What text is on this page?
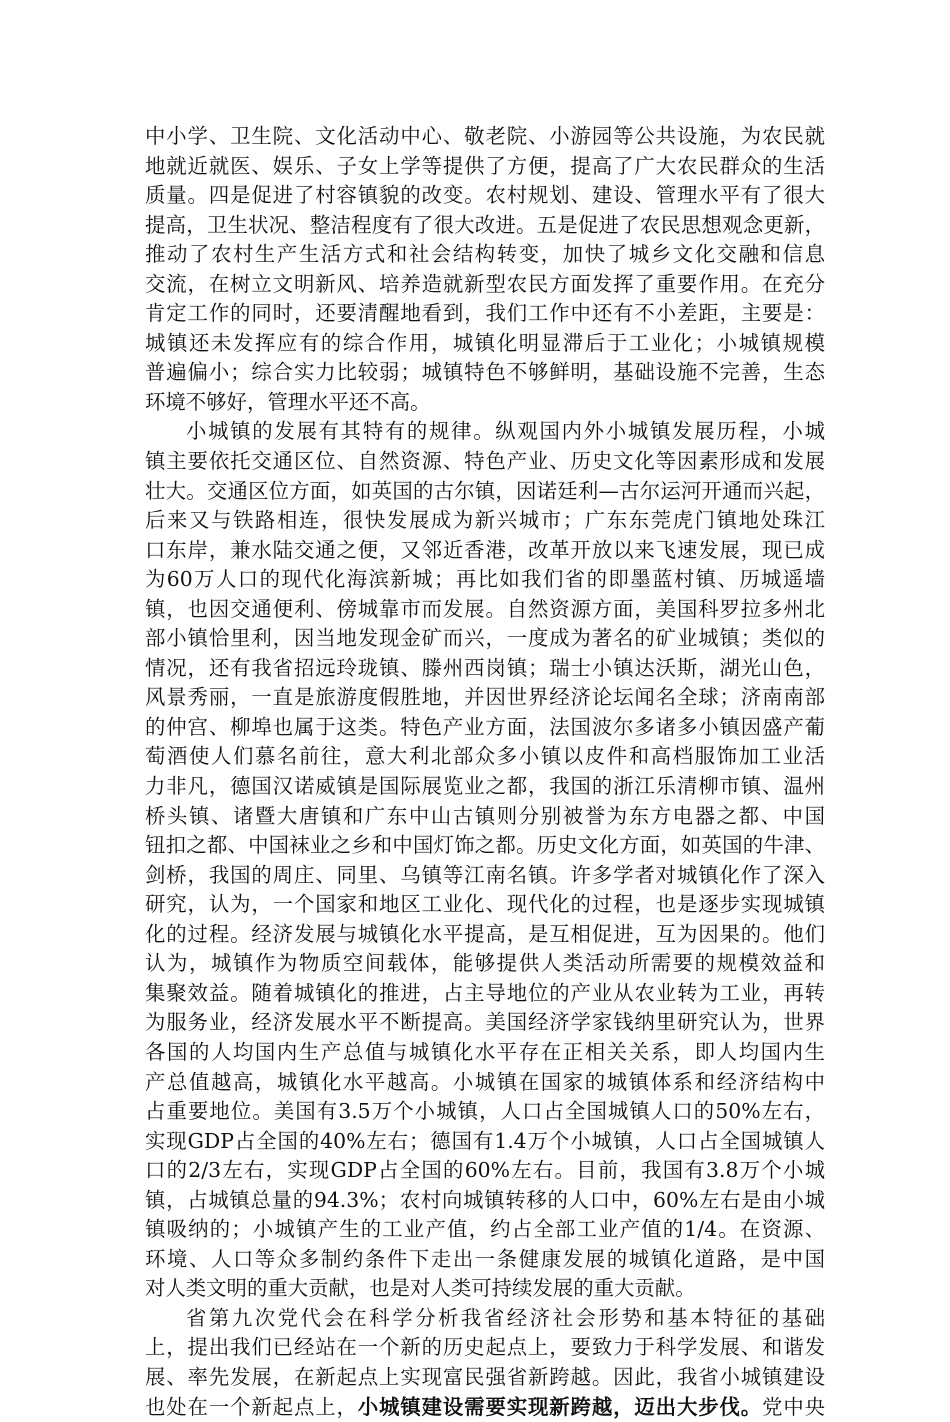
中小学、卫生院、文化活动中心、敬老院、小游园等公共设施，为农民就
地就近就医、娱乐、子女上学等提供了方便，提高了广大农民群众的生活
质量。四是促进了村容镇貌的改变。农村规划、建设、管理水平有了很大
提高，卫生状况、整洁程度有了很大改进。五是促进了农民思想观念更新，
推动了农村生产生活方式和社会结构转变，加快了城乡文化交融和信息
交流，在树立文明新风、培养造就新型农民方面发挥了重要作用。在充分
肯定工作的同时，还要清醒地看到，我们工作中还有不小差距，主要是：
城镇还未发挥应有的综合作用，城镇化明显滞后于工业化；小城镇规模
普遍偏小；综合实力比较弱；城镇特色不够鲜明，基础设施不完善，生态
环境不够好，管理水平还不高。
小城镇的发展有其特有的规律。纵观国内外小城镇发展历程，小城
镇主要依托交通区位、自然资源、特色产业、历史文化等因素形成和发展
壮大。交通区位方面，如英国的古尔镇，因诺廷利—古尔运河开通而兴起，
后来又与铁路相连，很快发展成为新兴城市；广东东莞虎门镇地处珠江
口东岸，兼水陆交通之便，又邻近香港，改革开放以来飞速发展，现已成
为60万人口的现代化海滨新城；再比如我们省的即墨蓝村镇、历城遥墙
镇，也因交通便利、傍城靠市而发展。自然资源方面，美国科罗拉多州北
部小镇恰里利，因当地发现金矿而兴，一度成为著名的矿业城镇；类似的
情况，还有我省招远玲珑镇、滕州西岗镇；瑞士小镇达沃斯，湖光山色，
风景秀丽，一直是旅游度假胜地，并因世界经济论坛闻名全球；济南南部
的仲宫、柳埠也属于这类。特色产业方面，法国波尔多诸多小镇因盛产葡
萄酒使人们慕名前往，意大利北部众多小镇以皮件和高档服饰加工业活
力非凡，德国汉诺威镇是国际展览业之都，我国的浙江乐清柳市镇、温州
桥头镇、诸暨大唐镇和广东中山古镇则分别被誉为东方电器之都、中国
钮扣之都、中国袜业之乡和中国灯饰之都。历史文化方面，如英国的牛津、
剑桥，我国的周庄、同里、乌镇等江南名镇。许多学者对城镇化作了深入
研究，认为，一个国家和地区工业化、现代化的过程，也是逐步实现城镇
化的过程。经济发展与城镇化水平提高，是互相促进，互为因果的。他们
认为，城镇作为物质空间载体，能够提供人类活动所需要的规模效益和
集聚效益。随着城镇化的推进，占主导地位的产业从农业转为工业，再转
为服务业，经济发展水平不断提高。美国经济学家钱纳里研究认为，世界
各国的人均国内生产总值与城镇化水平存在正相关关系，即人均国内生
产总值越高，城镇化水平越高。小城镇在国家的城镇体系和经济结构中
占重要地位。美国有3.5万个小城镇，人口占全国城镇人口的50%左右，
实现GDP占全国的40%左右；德国有1.4万个小城镇，人口占全国城镇人
口的2/3左右，实现GDP占全国的60%左右。目前，我国有3.8万个小城
镇，占城镇总量的94.3%；农村向城镇转移的人口中，60%左右是由小城
镇吸纳的；小城镇产生的工业产值，约占全部工业产值的1/4。在资源、
环境、人口等众多制约条件下走出一条健康发展的城镇化道路，是中国
对人类文明的重大贡献，也是对人类可持续发展的重大贡献。
省第九次党代会在科学分析我省经济社会形势和基本特征的基础
上，提出我们已经站在一个新的历史起点上，要致力于科学发展、和谐发
展、率先发展，在新起点上实现富民强省新跨越。因此，我省小城镇建设
也处在一个新起点上，小城镇建设需要实现新跨越，迈出大步伐。党中央
